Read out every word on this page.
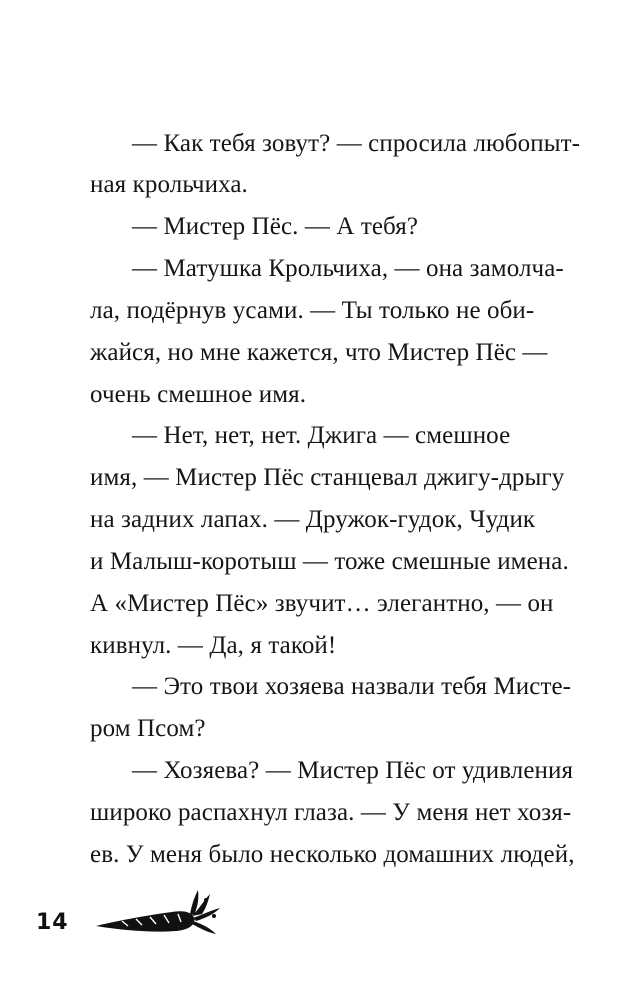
— Как тебя зовут? — спросила любопыт-
ная крольчиха.
— Мистер Пёс. — А тебя?
— Матушка Крольчиха, — она замолча-
ла, подёрнув усами. — Ты только не оби-
жайся, но мне кажется, что Мистер Пёс —
очень смешное имя.
— Нет, нет, нет. Джига — смешное
имя, — Мистер Пёс станцевал джигу-дрыгу
на задних лапах. — Дружок-гудок, Чудик
и Малыш-коротыш — тоже смешные имена.
А «Мистер Пёс» звучит… элегантно, — он
кивнул. — Да, я такой!
— Это твои хозяева назвали тебя Мисте-
ром Псом?
— Хозяева? — Мистер Пёс от удивления
широко распахнул глаза. — У меня нет хозя-
ев. У меня было несколько домашних людей,
14
